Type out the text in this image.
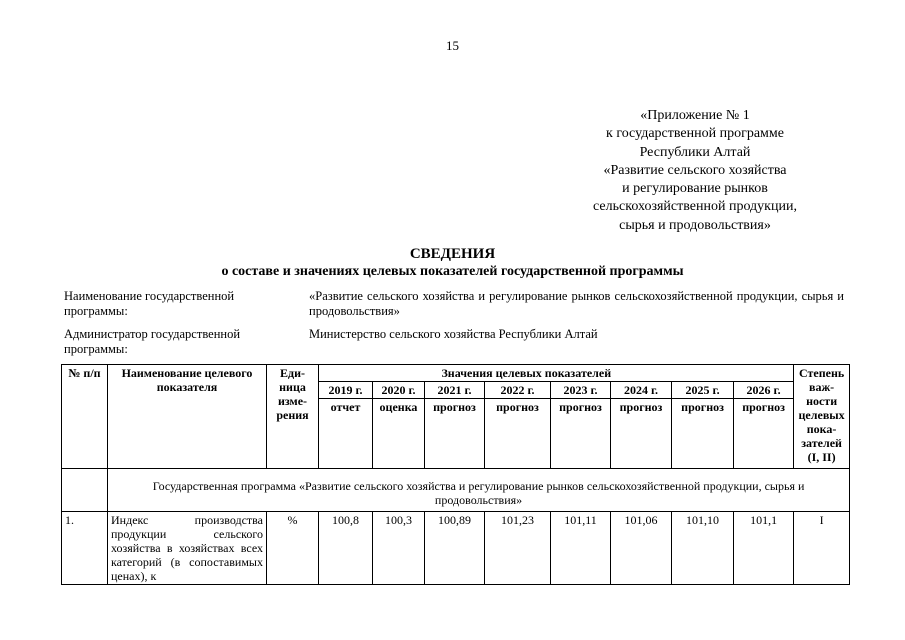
15
«Приложение № 1
к государственной программе
Республики Алтай
«Развитие сельского хозяйства
и регулирование рынков
сельскохозяйственной продукции,
сырья и продовольствия»
СВЕДЕНИЯ
о составе и значениях целевых показателей государственной программы
Наименование государственной программы:
«Развитие сельского хозяйства и регулирование рынков сельскохозяйственной продукции, сырья и продовольствия»
Администратор государственной программы:
Министерство сельского хозяйства Республики Алтай
№ п/п	Наименование целевого показателя	Еди-ница изме-рения	Значения целевых показателей								Степень важ-ности целевых пока-зателей (I, II)
			2019 г.	2020 г.	2021 г.	2022 г.	2023 г.	2024 г.	2025 г.	2026 г.	
			отчет	оценка	прогноз	прогноз	прогноз	прогноз	прогноз	прогноз	
	Государственная программа «Развитие сельского хозяйства и регулирование рынков сельскохозяйственной продукции, сырья и продовольствия»										
1.	Индекс производства продукции сельского хозяйства в хозяйствах всех категорий (в сопоставимых ценах), к	%	100,8	100,3	100,89	101,23	101,11	101,06	101,10	101,1	I
